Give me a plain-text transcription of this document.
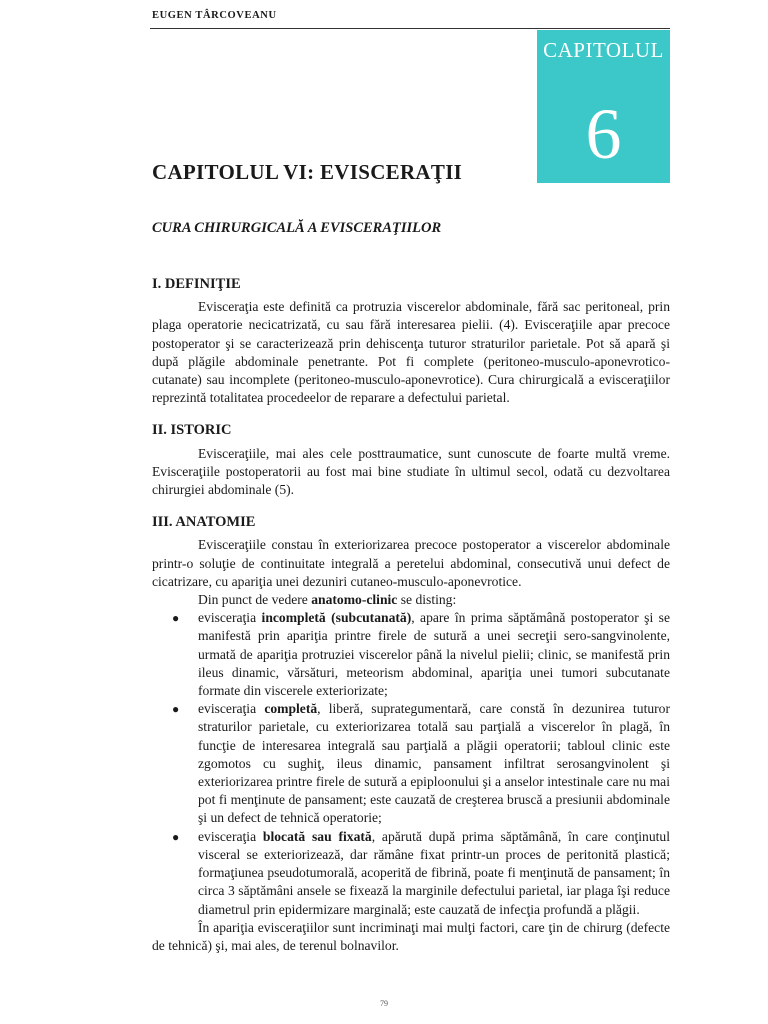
EUGEN TÂRCOVEANU
CAPITOLUL
6
CAPITOLUL VI: EVISCERAŢII
CURA CHIRURGICALĂ A EVISCERAŢIILOR
I. DEFINIŢIE

Evisceraţia este definită ca protruzia viscerelor abdominale, fără sac peritoneal, prin plaga operatorie necicatrizată, cu sau fără interesarea pielii. (4). Evisceraţiile apar precoce postoperator şi se caracterizează prin dehiscenţa tuturor straturilor parietale. Pot să apară şi după plăgile abdominale penetrante. Pot fi complete (peritoneo-musculo-aponevrotico-cutanate) sau incomplete (peritoneo-musculo-aponevrotice). Cura chirurgicală a evisceraţiilor reprezintă totalitatea procedeelor de reparare a defectului parietal.

II. ISTORIC

Evisceraţiile, mai ales cele posttraumatice, sunt cunoscute de foarte multă vreme. Evisceraţiile postoperatorii au fost mai bine studiate în ultimul secol, odată cu dezvoltarea chirurgiei abdominale (5).

III. ANATOMIE

Evisceraţiile constau în exteriorizarea precoce postoperator a viscerelor abdominale printr-o soluţie de continuitate integrală a peretelui abdominal, consecutivă unui defect de cicatrizare, cu apariţia unei dezuniri cutaneo-musculo-aponevrotice.

Din punct de vedere anatomo-clinic se disting:

● evisceraţia incompletă (subcutanată), apare în prima săptămână postoperator şi se manifestă prin apariţia printre firele de sutură a unei secreţii sero-sangvinolente, urmată de apariţia protruziei viscerelor până la nivelul pielii; clinic, se manifestă prin ileus dinamic, vărsături, meteorism abdominal, apariţia unei tumori subcutanate formate din viscerele exteriorizate;
● evisceraţia completă, liberă, suprategumentară, care constă în dezunirea tuturor straturilor parietale, cu exteriorizarea totală sau parţială a viscerelor în plagă, în funcţie de interesarea integrală sau parţială a plăgii operatorii; tabloul clinic este zgomotos cu sughiţ, ileus dinamic, pansament infiltrat serosangvinolent şi exteriorizarea printre firele de sutură a epiploonului şi a anselor intestinale care nu mai pot fi menţinute de pansament; este cauzată de creşterea bruscă a presiunii abdominale şi un defect de tehnică operatorie;
● evisceraţia blocată sau fixată, apărută după prima săptămână, în care conţinutul visceral se exteriorizează, dar rămâne fixat printr-un proces de peritonită plastică; formaţiunea pseudotumorală, acoperită de fibrină, poate fi menţinută de pansament; în circa 3 săptămâni ansele se fixează la marginile defectului parietal, iar plaga îşi reduce diametrul prin epidermizare marginală; este cauzată de infecţia profundă a plăgii.

În apariţia evisceraţiilor sunt incriminaţi mai mulţi factori, care ţin de chirurg (defecte de tehnică) şi, mai ales, de terenul bolnavilor.

79
